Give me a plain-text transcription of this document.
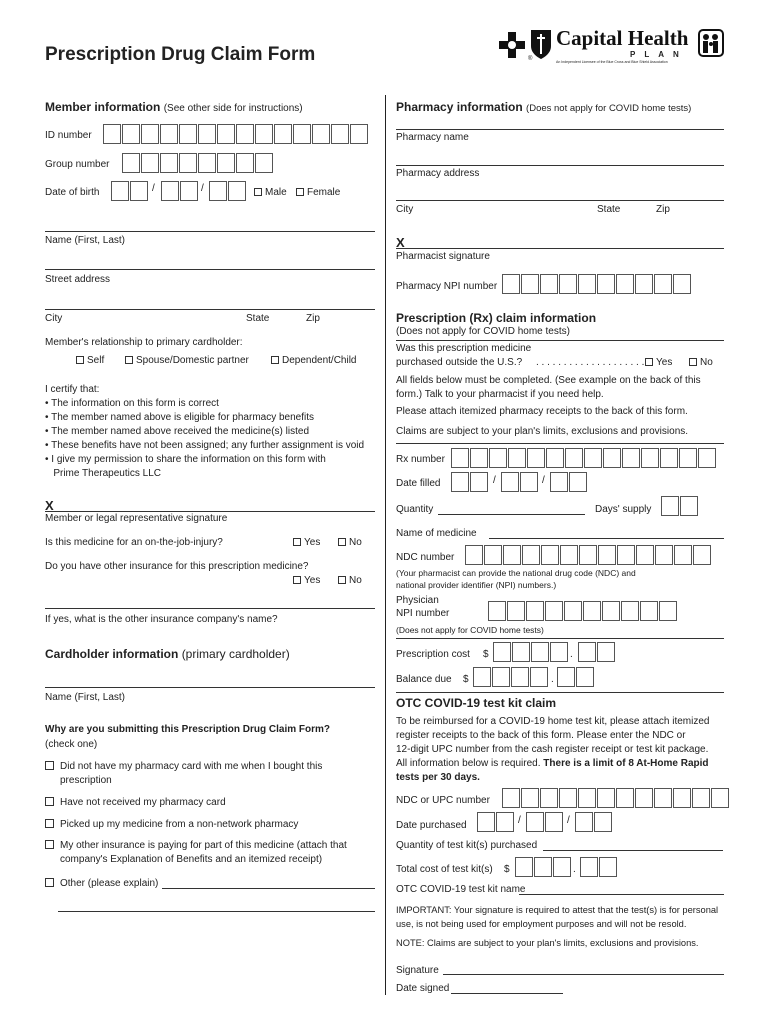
Prescription Drug Claim Form
Capital Health
PLAN
®	An Independent Licensee of the Blue Cross and Blue Shield Association
Member information (See other side for instructions)
ID number
Group number
Date of birth	/	/	Male	Female
Name (First, Last)
Street address
City	State	Zip
Member's relationship to primary cardholder:
Self	Spouse/Domestic partner	Dependent/Child
I certify that:
• The information on this form is correct
• The member named above is eligible for pharmacy benefits
• The member named above received the medicine(s) listed
• These benefits have not been assigned; any further assignment is void
• I give my permission to share the information on this form with
Prime Therapeutics LLC
X
Member or legal representative signature
Is this medicine for an on-the-job-injury?	Yes	No
Do you have other insurance for this prescription medicine?
Yes	No
If yes, what is the other insurance company's name?
Cardholder information (primary cardholder)
Name (First, Last)
Why are you submitting this Prescription Drug Claim Form?
(check one)
Did not have my pharmacy card with me when I bought this
prescription
Have not received my pharmacy card
Picked up my medicine from a non-network pharmacy
My other insurance is paying for part of this medicine (attach that
company's Explanation of Benefits and an itemized receipt)
Other (please explain)
Pharmacy information (Does not apply for COVID home tests)
Pharmacy name
Pharmacy address
City	State	Zip
X
Pharmacist signature
Pharmacy NPI number
Prescription (Rx) claim information
(Does not apply for COVID home tests)
Was this prescription medicine
purchased outside the U.S.? . . . . . . . . . . . . . . . . . . . .	Yes	No
All fields below must be completed. (See example on the back of this
form.) Talk to your pharmacist if you need help.
Please attach itemized pharmacy receipts to the back of this form.
Claims are subject to your plan's limits, exclusions and provisions.
Rx number
Date filled	/	/
Quantity	Days' supply
Name of medicine
NDC number
(Your pharmacist can provide the national drug code (NDC) and
national provider identifier (NPI) numbers.)
Physician
NPI number
(Does not apply for COVID home tests)
Prescription cost $	.
Balance due $	.
OTC COVID-19 test kit claim
To be reimbursed for a COVID-19 home test kit, please attach itemized
register receipts to the back of this form. Please enter the NDC or
12-digit UPC number from the cash register receipt or test kit package.
All information below is required. There is a limit of 8 At-Home Rapid
tests per 30 days.
NDC or UPC number
Date purchased	/	/
Quantity of test kit(s) purchased
Total cost of test kit(s) $	.
OTC COVID-19 test kit name
IMPORTANT: Your signature is required to attest that the test(s) is for personal
use, is not being used for employment purposes and will not be resold.
NOTE: Claims are subject to your plan's limits, exclusions and provisions.
Signature
Date signed
